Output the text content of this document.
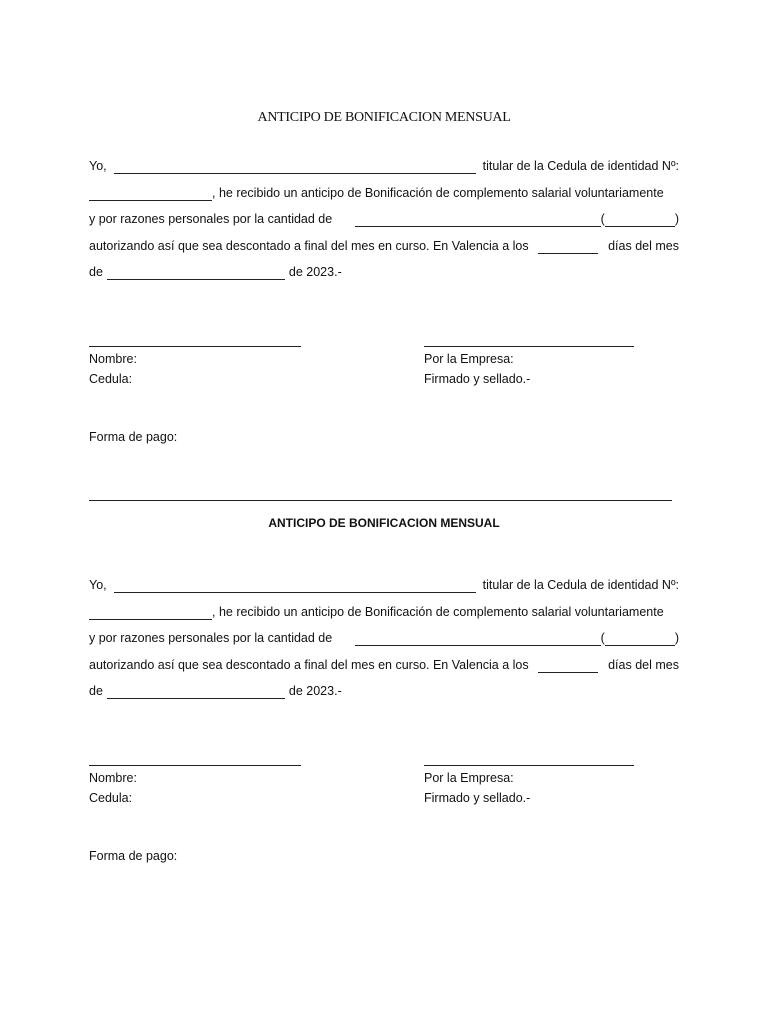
ANTICIPO DE BONIFICACION MENSUAL
Yo,	titular de la Cedula de identidad Nº:
, he recibido un anticipo de Bonificación de complemento salarial voluntariamente
y por razones personales por la cantidad de	(	)
autorizando así que sea descontado a final del mes en curso. En Valencia a los	días del mes
de	de 2023.-
Nombre:
Cedula:
Por la Empresa:
Firmado y sellado.-
Forma de pago:
ANTICIPO DE BONIFICACION MENSUAL
Yo,	titular de la Cedula de identidad Nº:
, he recibido un anticipo de Bonificación de complemento salarial voluntariamente
y por razones personales por la cantidad de	(	)
autorizando así que sea descontado a final del mes en curso. En Valencia a los	días del mes
de	de 2023.-
Nombre:
Cedula:
Por la Empresa:
Firmado y sellado.-
Forma de pago:
